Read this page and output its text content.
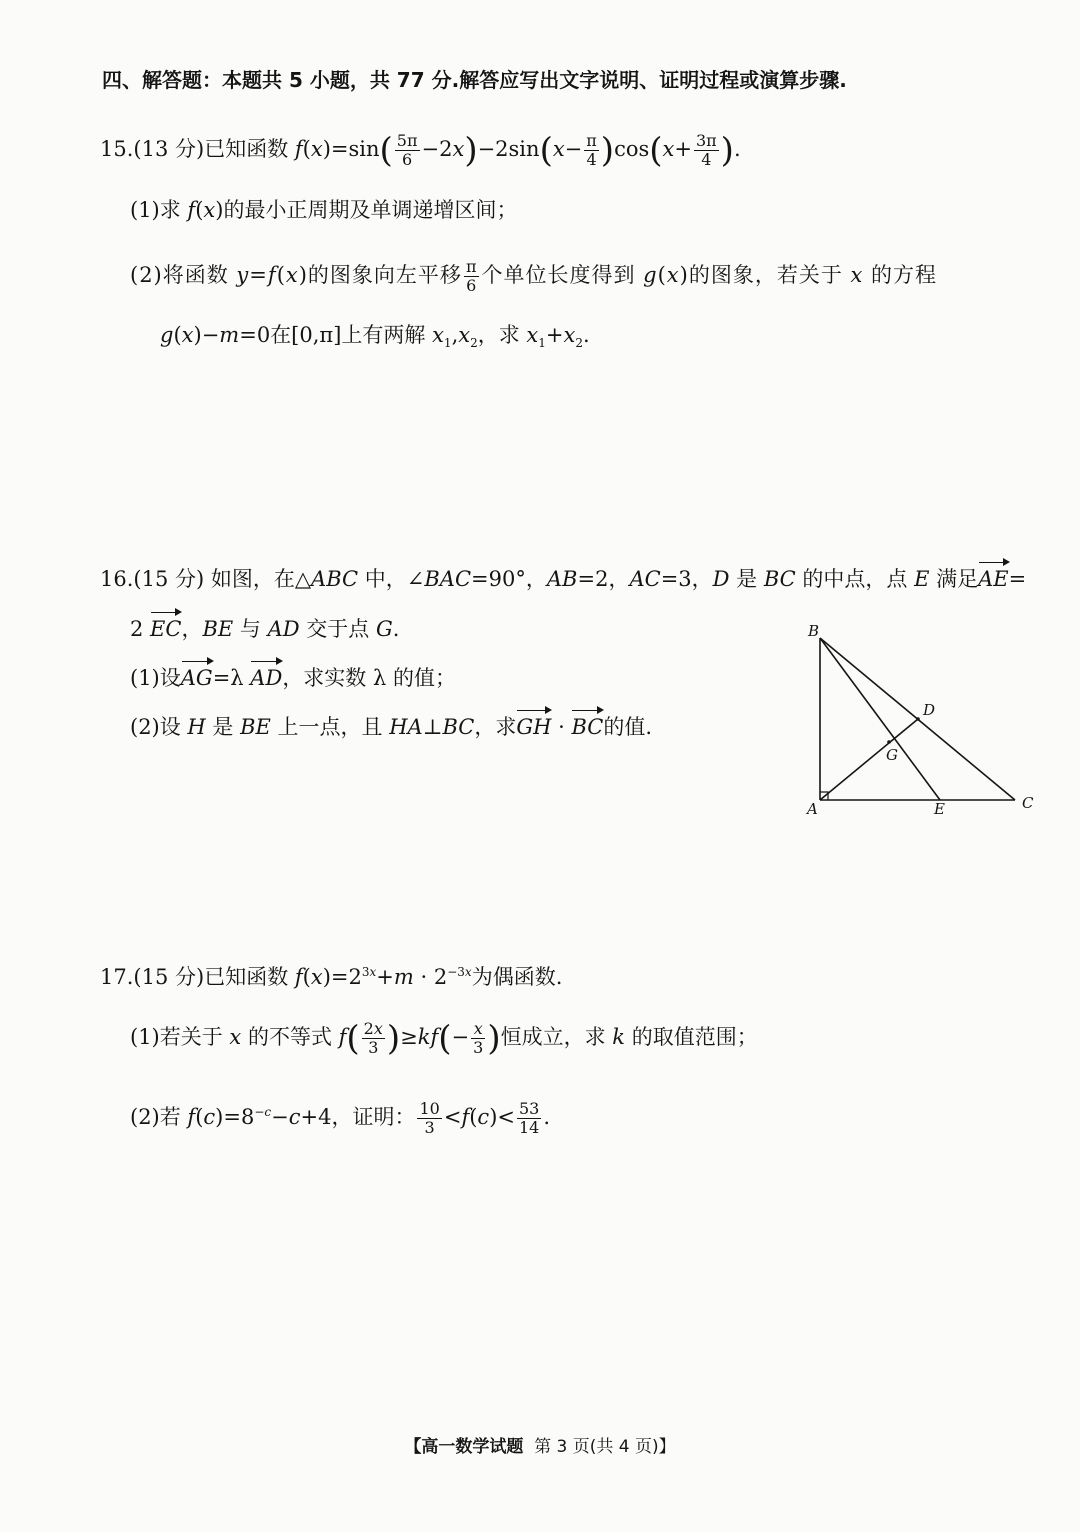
四、解答题：本题共 5 小题，共 77 分.解答应写出文字说明、证明过程或演算步骤.
15.(13 分)已知函数 $f(x)=\sin( \frac{5\pi}{6} -2x)-2\sin(x- \frac{\pi}{4} )\cos(x+ \frac{3\pi}{4}$ ).
(1)求 f(x)的最小正周期及单调递增区间；
(2)将函数 y=f(x)的图象向左平移 $\frac{\pi}{6}$ 个单位长度得到 g(x)的图象，若关于 x 的方程
g(x)−m=0在[0,π]上有两解 $x_1,x_2$，求 $x_1+x_2$.
16.(15 分) 如图，在△ABC 中，∠BAC=90°，AB=2，AC=3，D 是 BC 的中点，点 E 满足AE=
2 EC，BE 与 AD 交于点 G.
(1)设AG=λ AD，求实数 λ 的值；
(2)设 H 是 BE 上一点，且 HA⊥BC，求GH · BC的值.
B
D
G
A	E	C
17.(15 分)已知函数 $f(x)=2^{3x}+m \cdot 2^{-3x}$为偶函数.
(1)若关于 x 的不等式 $f( \frac{2x}{3} )\ge kf(- \frac{x}{3}$ )恒成立，求 k 的取值范围；
(2)若 $f(c)=8^{-c}-c+4$，证明： $\frac{10}{3} <f(c)< \frac{53}{14}$ .
【高一数学试题 第 3 页(共 4 页)】
